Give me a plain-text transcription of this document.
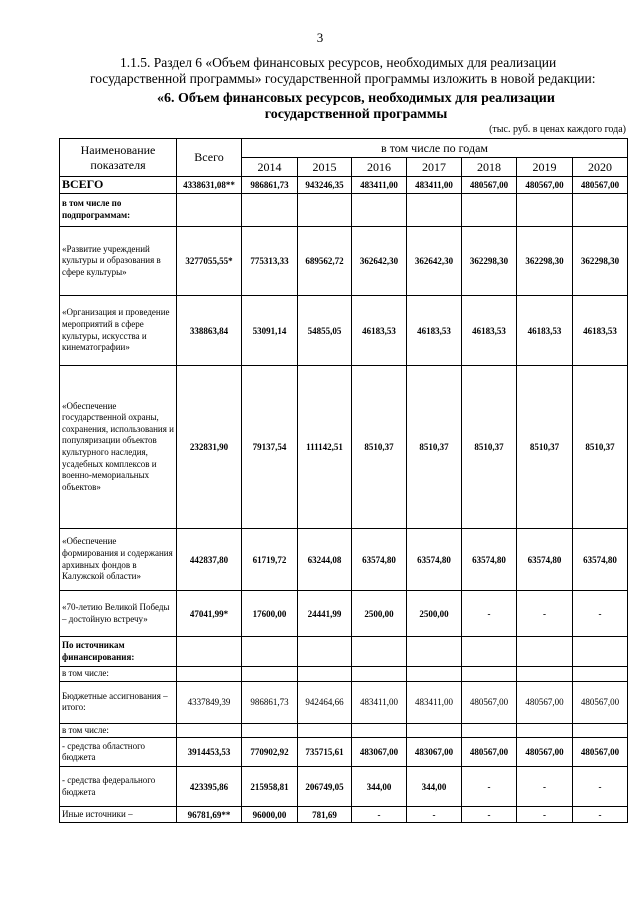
3
1.1.5. Раздел 6 «Объем финансовых ресурсов, необходимых для реализации
государственной программы» государственной программы изложить в новой редакции:
«6. Объем финансовых ресурсов, необходимых для реализации
государственной программы
(тыс. руб. в ценах каждого года)
Наименование показателя	Всего	в том числе по годам						
		2014	2015	2016	2017	2018	2019	2020
ВСЕГО	4338631,08**	986861,73	943246,35	483411,00	483411,00	480567,00	480567,00	480567,00
в том числе по подпрограммам:								
«Развитие учреждений культуры и образования в сфере культуры»	3277055,55*	775313,33	689562,72	362642,30	362642,30	362298,30	362298,30	362298,30
«Организация и проведение мероприятий в сфере культуры, искусства и кинематографии»	338863,84	53091,14	54855,05	46183,53	46183,53	46183,53	46183,53	46183,53
«Обеспечение государственной охраны, сохранения, использования и популяризации объектов культурного наследия, усадебных комплексов и военно-мемориальных объектов»	232831,90	79137,54	111142,51	8510,37	8510,37	8510,37	8510,37	8510,37
«Обеспечение формирования и содержания архивных фондов в Калужской области»	442837,80	61719,72	63244,08	63574,80	63574,80	63574,80	63574,80	63574,80
«70-летию Великой Победы – достойную встречу»	47041,99*	17600,00	24441,99	2500,00	2500,00	-	-	-
По источникам финансирования:								
в том числе:								
Бюджетные ассигнования – итого:	4337849,39	986861,73	942464,66	483411,00	483411,00	480567,00	480567,00	480567,00
в том числе:								
- средства областного бюджета	3914453,53	770902,92	735715,61	483067,00	483067,00	480567,00	480567,00	480567,00
- средства федерального бюджета	423395,86	215958,81	206749,05	344,00	344,00	-	-	-
Иные источники –	96781,69**	96000,00	781,69	-	-	-	-	-
